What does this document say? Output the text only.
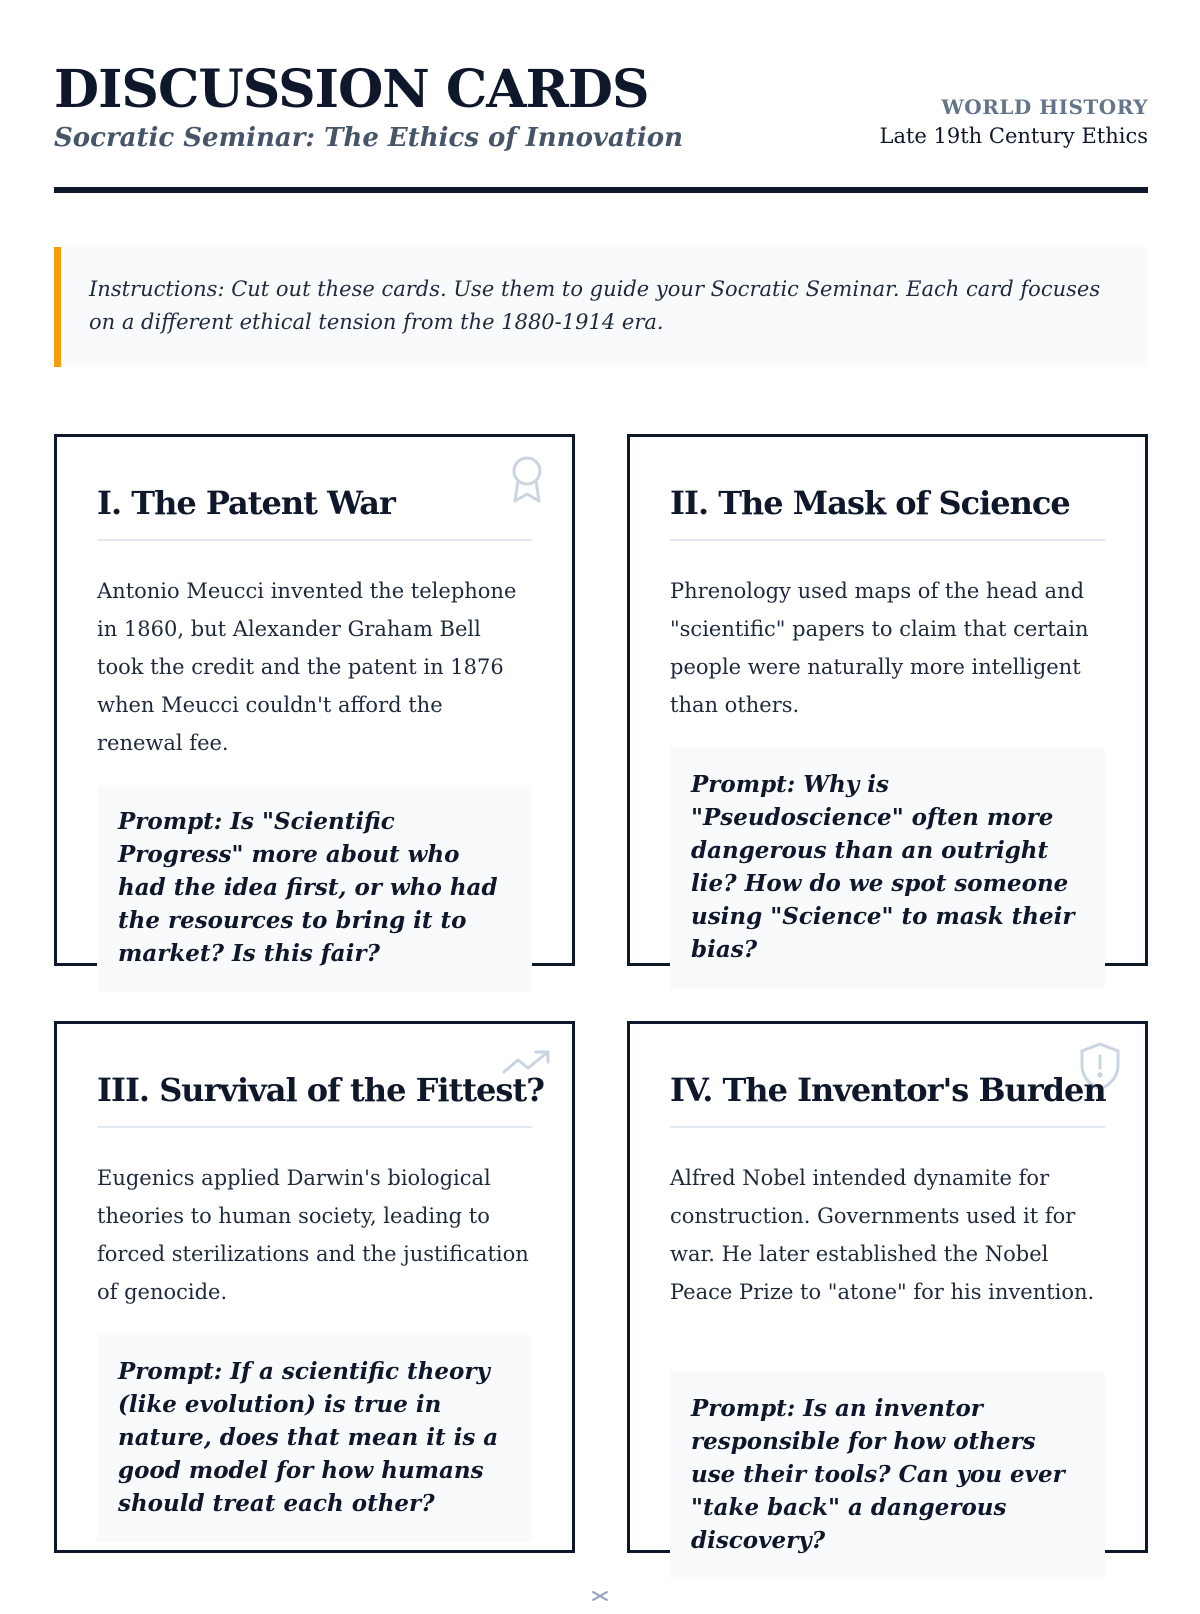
DISCUSSION CARDS
Socratic Seminar: The Ethics of Innovation
WORLD HISTORY
Late 19th Century Ethics
Instructions: Cut out these cards. Use them to guide your Socratic Seminar. Each card focuses on a different ethical tension from the 1880-1914 era.
I. The Patent War

Antonio Meucci invented the telephone in 1860, but Alexander Graham Bell took the credit and the patent in 1876 when Meucci couldn't afford the renewal fee.

Prompt: Is "Scientific Progress" more about who had the idea first, or who had the resources to bring it to market? Is this fair?
II. The Mask of Science

Phrenology used maps of the head and "scientific" papers to claim that certain people were naturally more intelligent than others.

Prompt: Why is "Pseudoscience" often more dangerous than an outright lie? How do we spot someone using "Science" to mask their bias?
III. Survival of the Fittest?

Eugenics applied Darwin's biological theories to human society, leading to forced sterilizations and the justification of genocide.

Prompt: If a scientific theory (like evolution) is true in nature, does that mean it is a good model for how humans should treat each other?
IV. The Inventor's Burden

Alfred Nobel intended dynamite for construction. Governments used it for war. He later established the Nobel Peace Prize to "atone" for his invention.

Prompt: Is an inventor responsible for how others use their tools? Can you ever "take back" a dangerous discovery?
